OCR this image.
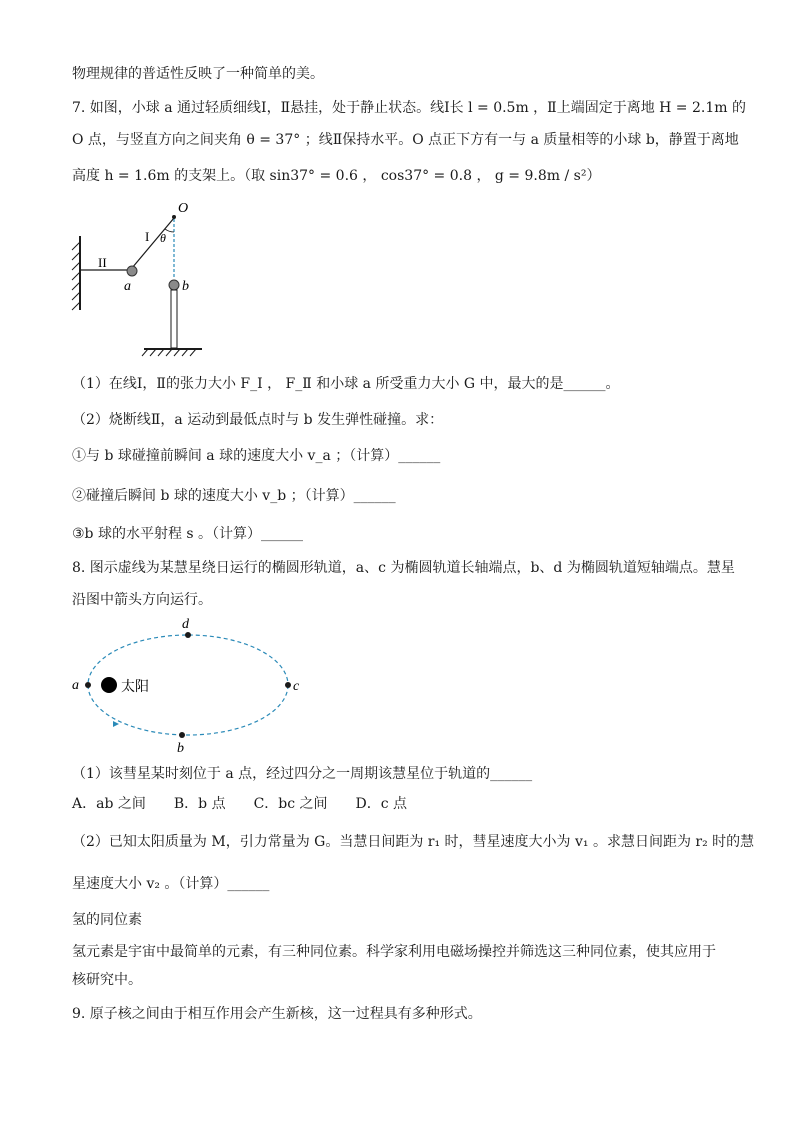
物理规律的普适性反映了一种简单的美。
7. 如图，小球 a 通过轻质细线Ⅰ，Ⅱ悬挂，处于静止状态。线Ⅰ长 l = 0.5m ，Ⅱ上端固定于离地 H = 2.1m 的
O 点，与竖直方向之间夹角 θ = 37° ；线Ⅱ保持水平。O 点正下方有一与 a 质量相等的小球 b，静置于离地
高度 h = 1.6m 的支架上。（取 sin37° = 0.6 ， cos37° = 0.8 ， g = 9.8m / s²）
O
I θ
II
a	b
（1）在线Ⅰ，Ⅱ的张力大小 F_Ⅰ ， F_Ⅱ 和小球 a 所受重力大小 G 中，最大的是______。
（2）烧断线Ⅱ，a 运动到最低点时与 b 发生弹性碰撞。求：
①与 b 球碰撞前瞬间 a 球的速度大小 v_a ；（计算）______
②碰撞后瞬间 b 球的速度大小 v_b ；（计算）______
③b 球的水平射程 s 。（计算）______
8. 图示虚线为某慧星绕日运行的椭圆形轨道，a、c 为椭圆轨道长轴端点，b、d 为椭圆轨道短轴端点。慧星
沿图中箭头方向运行。
d
a	c
b
太阳
（1）该彗星某时刻位于 a 点，经过四分之一周期该慧星位于轨道的______
A．ab 之间　　B．b 点　　C．bc 之间　　D．c 点
（2）已知太阳质量为 M，引力常量为 G。当慧日间距为 r₁ 时，彗星速度大小为 v₁ 。求慧日间距为 r₂ 时的慧
星速度大小 v₂ 。（计算）______
氢的同位素
氢元素是宇宙中最简单的元素，有三种同位素。科学家利用电磁场操控并筛选这三种同位素，使其应用于
核研究中。
9. 原子核之间由于相互作用会产生新核，这一过程具有多种形式。
